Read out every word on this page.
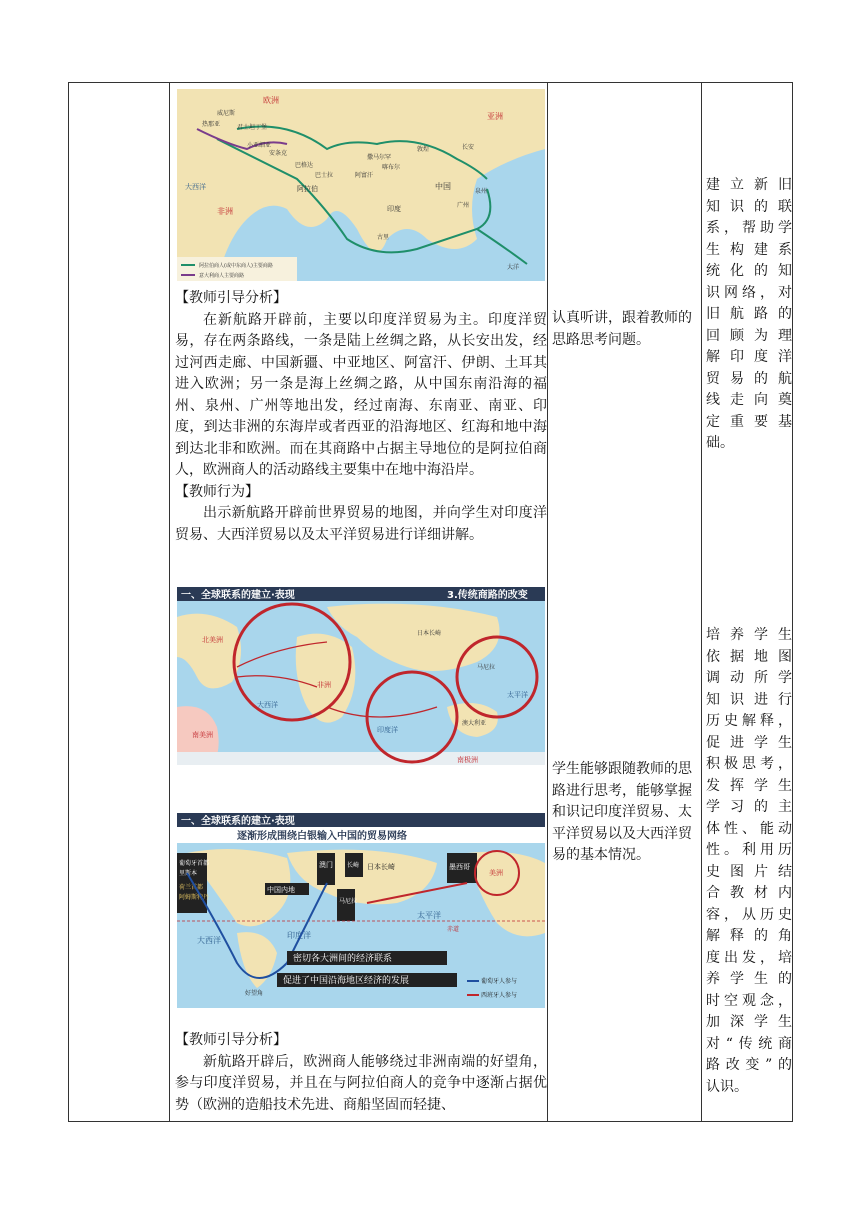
欧洲
威尼斯
热那亚	君士坦丁堡
小亚细亚
安条克
巴格达
阿拉伯
巴士拉
撒马尔罕
喀布尔
阿富汗
长安
敦煌
中国
泉州
广州
古里
印度
亚洲
非洲
大洋
大西洋
阿拉伯商人(或中东商人)主要商路
意大利商人主要商路

【教师引导分析】

在新航路开辟前，主要以印度洋贸易为主。印度洋贸易，存在两条路线，一条是陆上丝绸之路，从长安出发，经过河西走廊、中国新疆、中亚地区、阿富汗、伊朗、土耳其进入欧洲；另一条是海上丝绸之路，从中国东南沿海的福州、泉州、广州等地出发，经过南海、东南亚、南亚、印度，到达非洲的东海岸或者西亚的沿海地区、红海和地中海到达北非和欧洲。而在其商路中占据主导地位的是阿拉伯商人，欧洲商人的活动路线主要集中在地中海沿岸。

【教师行为】

出示新航路开辟前世界贸易的地图，并向学生对印度洋贸易、大西洋贸易以及太平洋贸易进行详细讲解。

一、全球联系的建立·表现	3.传统商路的改变
北美洲
南美洲
大西洋
非洲
日本长崎
马尼拉
太平洋
澳大利亚
印度洋
南极洲
一、全球联系的建立·表现
逐渐形成围绕白银输入中国的贸易网络
葡萄牙首都
里斯本
荷兰首都
阿姆斯特丹
中国内地
澳门 长崎 日本长崎
马尼拉
墨西哥
美洲
大西洋
印度洋
太平洋
赤道
好望角
密切各大洲间的经济联系
促进了中国沿海地区经济的发展	葡萄牙人参与
西班牙人参与

【教师引导分析】

新航路开辟后，欧洲商人能够绕过非洲南端的好望角，参与印度洋贸易，并且在与阿拉伯商人的竞争中逐渐占据优势（欧洲的造船技术先进、商船坚固而轻捷、

认真听讲，跟着教师的思路思考问题。
学生能够跟随教师的思路进行思考，能够掌握和识记印度洋贸易、太平洋贸易以及大西洋贸易的基本情况。
建立新旧
知识的联
系，帮助学
生构建系
统化的知
识网络，对
旧航路的
回顾为理
解印度洋
贸易的航
线走向奠
定重要基
础。
培养学生
依据地图
调动所学
知识进行
历史解释，
促进学生
积极思考，
发挥学生
学习的主
体性、能动
性。利用历
史图片结
合教材内
容，从历史
解释的角
度出发，培
养学生的
时空观念，
加深学生
对“传统商
路改变”的
认识。
